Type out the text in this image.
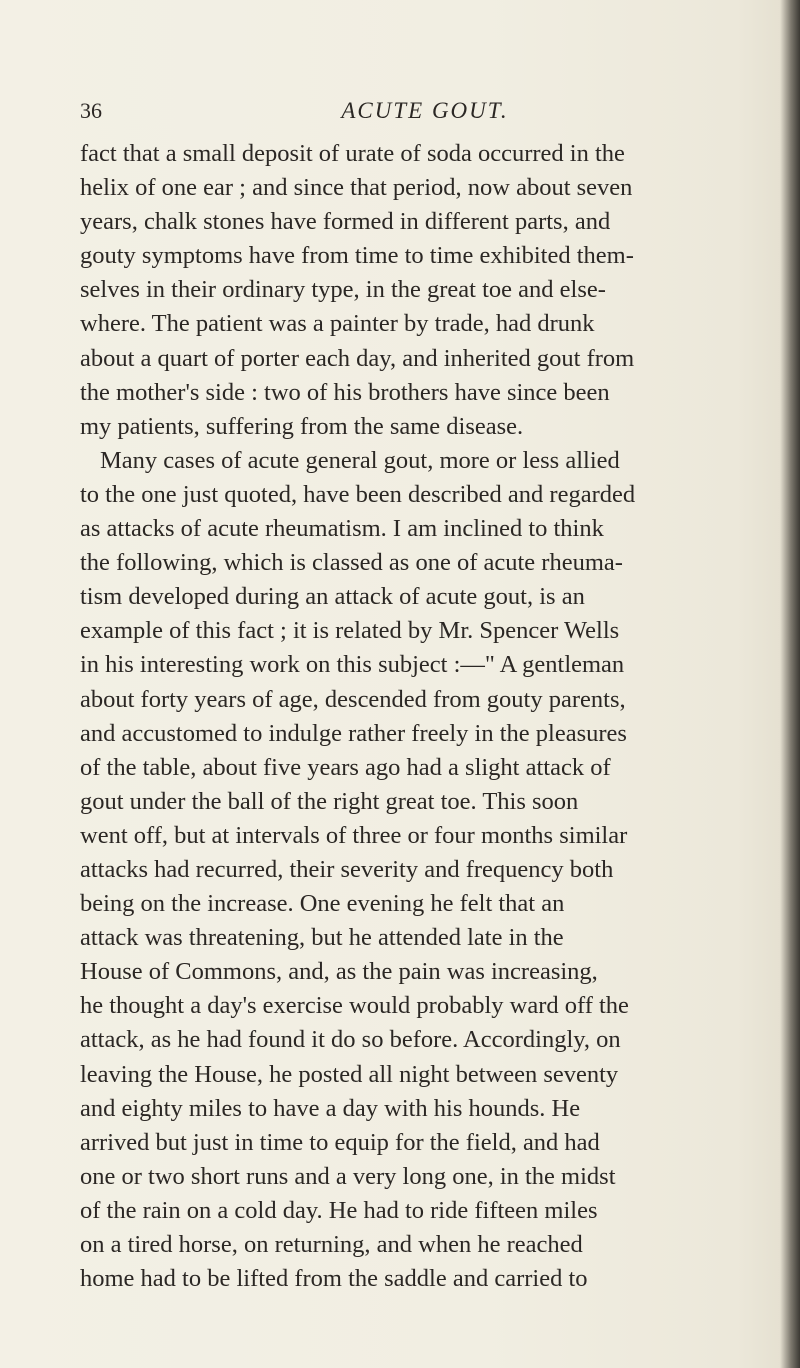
36	ACUTE GOUT.
fact that a small deposit of urate of soda occurred in the
helix of one ear ; and since that period, now about seven
years, chalk stones have formed in different parts, and
gouty symptoms have from time to time exhibited them-
selves in their ordinary type, in the great toe and else-
where. The patient was a painter by trade, had drunk
about a quart of porter each day, and inherited gout from
the mother's side : two of his brothers have since been
my patients, suffering from the same disease.
Many cases of acute general gout, more or less allied
to the one just quoted, have been described and regarded
as attacks of acute rheumatism. I am inclined to think
the following, which is classed as one of acute rheuma-
tism developed during an attack of acute gout, is an
example of this fact ; it is related by Mr. Spencer Wells
in his interesting work on this subject :—" A gentleman
about forty years of age, descended from gouty parents,
and accustomed to indulge rather freely in the pleasures
of the table, about five years ago had a slight attack of
gout under the ball of the right great toe. This soon
went off, but at intervals of three or four months similar
attacks had recurred, their severity and frequency both
being on the increase. One evening he felt that an
attack was threatening, but he attended late in the
House of Commons, and, as the pain was increasing,
he thought a day's exercise would probably ward off the
attack, as he had found it do so before. Accordingly, on
leaving the House, he posted all night between seventy
and eighty miles to have a day with his hounds. He
arrived but just in time to equip for the field, and had
one or two short runs and a very long one, in the midst
of the rain on a cold day. He had to ride fifteen miles
on a tired horse, on returning, and when he reached
home had to be lifted from the saddle and carried to
